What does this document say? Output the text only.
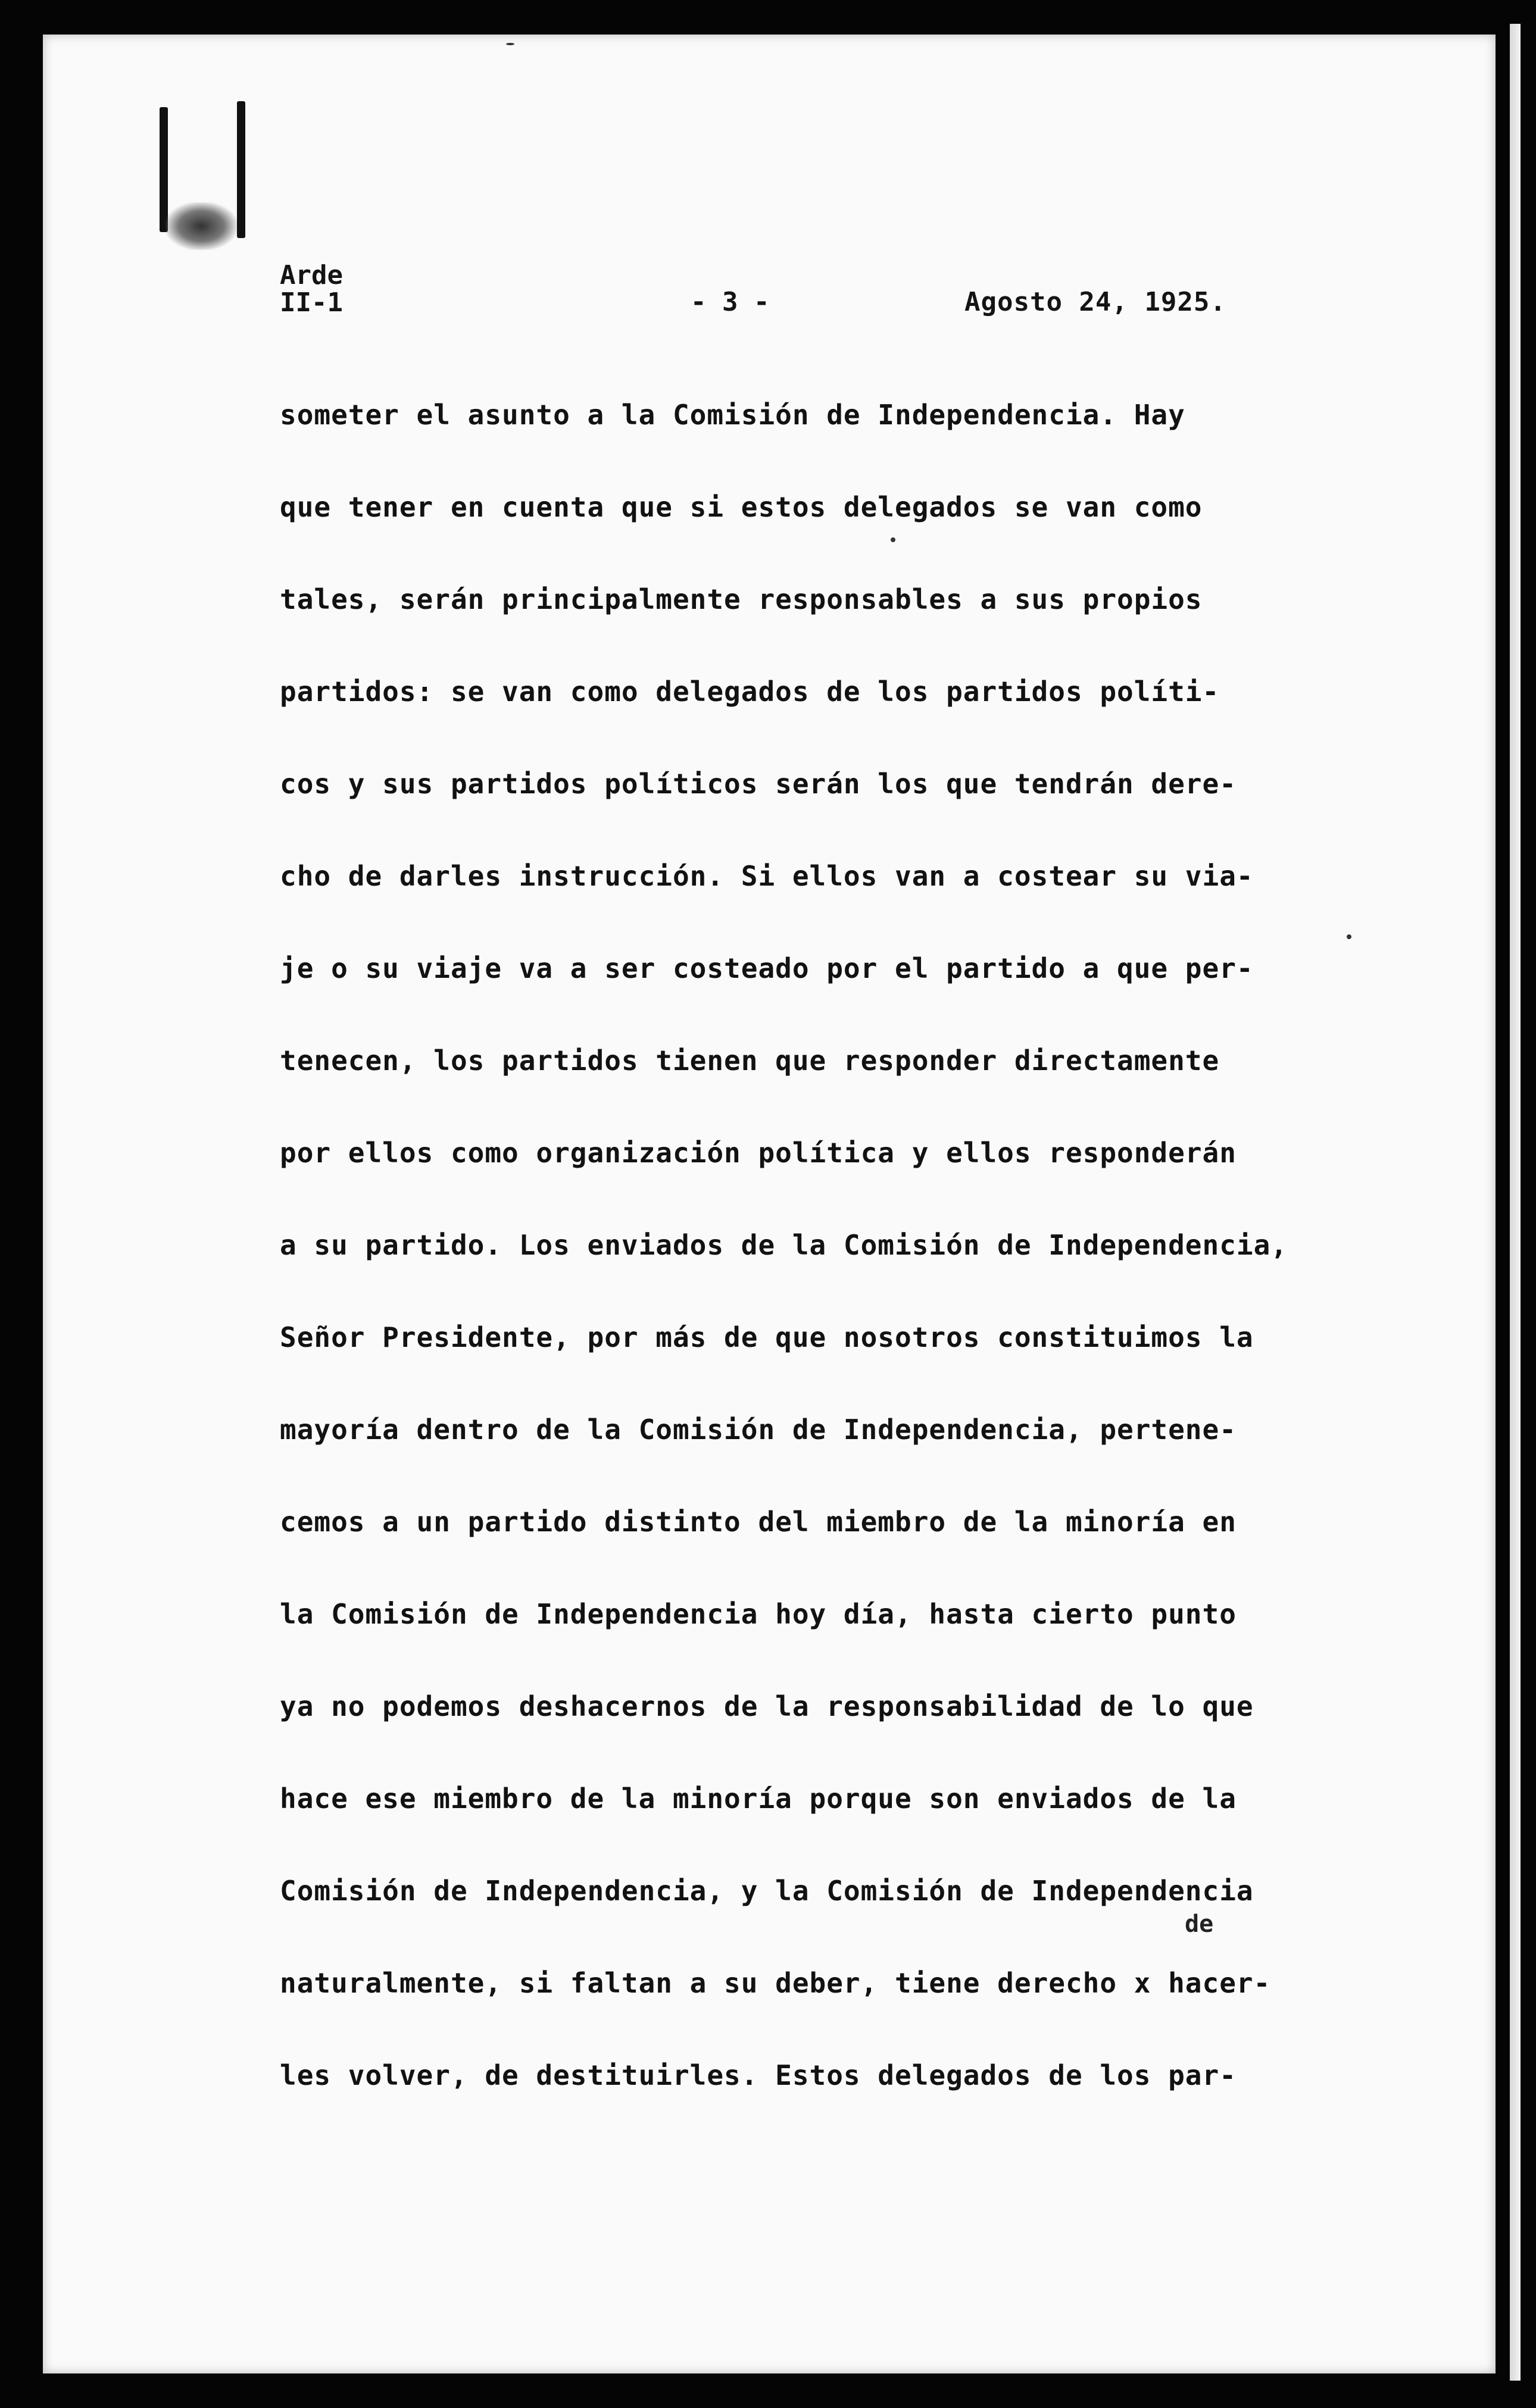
Arde
II-1	- 3 -	Agosto 24, 1925.
someter el asunto a la Comisión de Independencia. Hay
que tener en cuenta que si estos delegados se van como
tales, serán principalmente responsables a sus propios
partidos: se van como delegados de los partidos políti-
cos y sus partidos políticos serán los que tendrán dere-
cho de darles instrucción. Si ellos van a costear su via-
je o su viaje va a ser costeado por el partido a que per-
tenecen, los partidos tienen que responder directamente
por ellos como organización política y ellos responderán
a su partido. Los enviados de la Comisión de Independencia,
Señor Presidente, por más de que nosotros constituimos la
mayoría dentro de la Comisión de Independencia, pertene-
cemos a un partido distinto del miembro de la minoría en
la Comisión de Independencia hoy día, hasta cierto punto
ya no podemos deshacernos de la responsabilidad de lo que
hace ese miembro de la minoría porque son enviados de la
Comisión de Independencia, y la Comisión de Independencia
naturalmente, si faltan a su deber, tiene derecho x hacer-
les volver, de destituirles. Estos delegados de los par-
de
